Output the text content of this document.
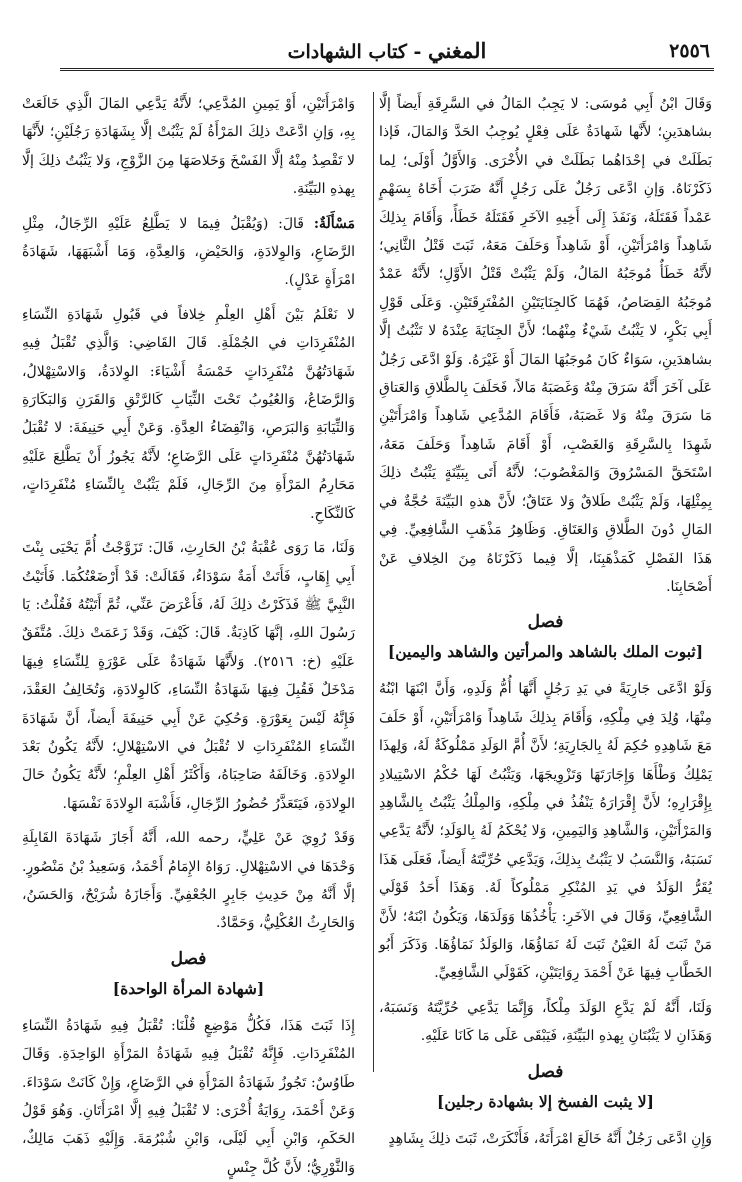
٢٥٥٦
المغني - كتاب الشهادات

وَقَالَ ابْنُ أَبِي مُوسَى: لا يَجِبُ المَالُ في السَّرِقَةِ أَيضاً إلَّا بشاهدَينِ؛ لأَنَّها شَهادَةٌ عَلَى فِعْلٍ يُوجِبُ الحَدَّ وَالمَالَ، فَإذا بَطَلَتْ في إحْدَاهُما بَطَلَتْ في الأُخْرَى. وَالأَوَّلُ أَوْلَى؛ لِما ذَكَرْنَاهُ. وَإنِ ادَّعَى رَجُلٌ عَلَى رَجُلٍ أَنَّهُ ضَرَبَ أَخَاهُ بِسَهْمٍ عَمْداً فَقَتَلَهُ، وَنَفَذَ إِلَى أَخِيهِ الآخَرِ فَقَتَلَهُ خَطَأً، وَأَقَامَ بِذلِكَ شَاهِداً وَامْرَأَتَيْنِ، أَوْ شَاهِداً وَحَلَفَ مَعَهُ، ثَبَتَ قَتْلُ الثَّانِي؛ لأَنَّهُ خَطَأٌ مُوجَبُهُ المَالُ، وَلَمْ يَثْبُتْ قَتْلُ الأَوَّلِ؛ لأَنَّهُ عَمْدٌ مُوجَبُهُ القِصَاصُ، فَهُمَا كَالجِنَايَتَيْنِ المُفْتَرِقَتَيْنِ. وَعَلَى قَوْلِ أَبِي بَكْرٍ، لا يَثْبُتُ شَيْءٌ مِنْهُما؛ لأَنَّ الجِنَايَةَ عِنْدَهُ لا تَثْبُتُ إلَّا بشاهدَينِ، سَوَاءٌ كَانَ مُوجَبُهَا المَالَ أَوْ غَيْرَهُ. وَلَوْ ادَّعَى رَجُلٌ عَلَى آخَرَ أَنَّهُ سَرَقَ مِنْهُ وَغَصَبَهُ مَالاً، فَحَلَفَ بِالطَّلاقِ وَالعَتاقِ مَا سَرَقَ مِنْهُ وَلا غَصَبَهُ، فَأَقَامَ المُدَّعِي شَاهِداً وَامْرَأَتَيْنِ شَهِدَا بِالسَّرِقَةِ وَالغَصْبِ، أَوْ أَقَامَ شَاهِداً وَحَلَفَ مَعَهُ، اسْتَحَقَّ المَسْرُوقَ وَالمَغْصُوبَ؛ لأَنَّهُ أَتَى بِبَيِّنَةٍ يَثْبُتُ ذلِكَ بِمِثْلِهَا، وَلَمْ يَثْبُتْ طَلاقٌ وَلا عَتَاقٌ؛ لأَنَّ هذهِ البَيِّنَةَ حُجَّةٌ في المَالِ دُونَ الطَّلاقِ وَالعَتَاقِ. وَظَاهِرُ مَذْهَبِ الشَّافِعِيِّ. فِي هَذَا الفَصْلِ كَمَذْهَبِنَا، إلَّا فِيما ذَكَرْنَاهُ مِنَ الخِلافِ عَنْ أَصْحَابِنَا.

فصل
[ثبوت الملك بالشاهد والمرأتين والشاهد واليمين]

وَلَوْ ادَّعَى جَارِيَةً في يَدِ رَجُلٍ أَنَّهَا أُمُّ وَلَدِهِ، وَأَنَّ ابْنَهَا ابْنُهُ مِنْهَا، وُلِدَ فِي مِلْكِهِ، وَأَقَامَ بِذلِكَ شَاهِداً وَامْرَأَتَيْنِ، أَوْ حَلَفَ مَعَ شَاهِدِهِ حُكِمَ لَهُ بِالجَارِيَةِ؛ لأَنَّ أُمَّ الوَلَدِ مَمْلُوكَةٌ لَهُ، وَلِهذَا يَمْلِكُ وَطْأَهَا وَإِجَارَتَهَا وَتَزْوِيجَهَا، وَيَثْبُتُ لَهَا حُكْمُ الاسْتِيلادِ بِإِقْرَارِهِ؛ لأَنَّ إِقْرَارَهُ يَنْفُذُ في مِلْكِهِ، وَالمِلْكُ يَثْبُتُ بِالشَّاهِدِ وَالمَرْأَتَيْنِ، وَالشَّاهِدِ وَاليَمِينِ، وَلا يُحْكَمُ لَهُ بِالوَلَدِ؛ لأَنَّهُ يَدَّعِي نَسَبَهُ، وَالنَّسَبُ لا يَثْبُتُ بِذلِكَ، وَيَدَّعِي حُرِّيَّتَهُ أَيضاً، فَعَلَى هَذَا يُقَرُّ الوَلَدُ في يَدِ المُنْكِرِ مَمْلُوكاً لَهُ. وَهَذَا أَحَدُ قَوْلَي الشَّافِعِيِّ، وَقَالَ في الآخَرِ: يَأْخُذُهَا وَوَلَدَهَا، وَيَكُونُ ابْنَهُ؛ لأَنَّ مَنْ ثَبَتَ لَهُ العَيْنُ ثَبَتَ لَهُ نَمَاؤُهَا، وَالوَلَدُ نَمَاؤُهَا. وَذَكَرَ أَبُو الخَطَّابِ فِيهَا عَنْ أَحْمَدَ رِوَايَتَيْنِ، كَقَوْلَي الشَّافِعِيِّ.

وَلَنَا، أَنَّهُ لَمْ يَدَّعِ الوَلَدَ مِلْكاً، وَإِنَّمَا يَدَّعِي حُرِّيَّتَهُ وَنَسَبَهُ، وَهَذَانِ لا يَثْبُتَانِ بِهذهِ البَيِّنَةِ، فَيَبْقَى عَلَى مَا كَانَا عَلَيْهِ.

فصل
[لا يثبت الفسخ إلا بشهادة رجلين]

وَإِنِ ادَّعَى رَجُلٌ أَنَّهُ خَالَعَ امْرَأَتَهُ، فَأَنْكَرَتْ، ثَبَتَ ذلِكَ بِشَاهِدٍ

وَامْرَأَتَيْنِ، أَوْ يَمِينِ المُدَّعِي؛ لأَنَّهُ يَدَّعِي المَالَ الَّذِي خَالَعَتْ بِهِ، وَإنِ ادَّعَتْ ذلِكَ المَرْأَةُ لَمْ يَثْبُتْ إلَّا بِشَهَادَةِ رَجُلَيْنِ؛ لأَنَّهَا لا تَقْصِدُ مِنْهُ إلَّا الفَسْخَ وَخَلاصَهَا مِنَ الزَّوْجِ، وَلا يَثْبُتُ ذلِكَ إلَّا بِهذهِ البَيِّنَةِ.

مَسْأَلَةٌ: قَالَ: (وَيُقْبَلُ فِيمَا لا يَطَّلِعُ عَلَيْهِ الرِّجَالُ، مِثْلِ الرَّضَاعِ، وَالوِلادَةِ، وَالحَيْضِ، وَالعِدَّةِ، وَمَا أَشْبَهَهَا، شَهَادَةُ امْرَأَةٍ عَدْلٍ).

لا نَعْلَمُ بَيْنَ أَهْلِ العِلْمِ خِلافاً في قَبُولِ شَهَادَةِ النِّسَاءِ المُنْفَرِدَاتِ في الجُمْلَةِ. قَالَ القَاضِي: وَالَّذِي تُقْبَلُ فِيهِ شَهَادَتُهُنَّ مُنْفَرِدَاتٍ خَمْسَةُ أَشْيَاءَ: الوِلادَةُ، وَالاسْتِهْلالُ، وَالرَّضَاعُ، وَالعُيُوبُ تَحْتَ الثِّيَابِ كَالرَّتْقِ وَالقَرَنِ وَالبَكَارَةِ وَالثِّيَابَةِ وَالبَرَصِ، وَانْقِضَاءُ العِدَّةِ. وَعَنْ أَبِي حَنِيفَةَ: لا تُقْبَلُ شَهَادَتُهُنَّ مُنْفَرِدَاتٍ عَلَى الرَّضَاعِ؛ لأَنَّهُ يَجُوزُ أَنْ يَطَّلِعَ عَلَيْهِ مَحَارِمُ المَرْأَةِ مِنَ الرِّجَالِ، فَلَمْ يَثْبُتْ بِالنِّسَاءِ مُنْفَرِدَاتٍ، كَالنِّكَاحِ.

وَلَنَا، مَا رَوَى عُقْبَةُ بْنُ الحَارِثِ، قَالَ: تَزَوَّجْتُ أُمَّ يَحْيَى بِنْتَ أَبِي إِهَابٍ، فَأَتَتْ أَمَةٌ سَوْدَاءُ، فَقَالَتْ: قَدْ أَرْضَعْتُكُمَا. فَأَتَيْتُ النَّبِيَّ ﷺ فَذَكَرْتُ ذلِكَ لَهُ، فَأَعْرَضَ عَنِّي، ثُمَّ أَتَيْتُهُ فَقُلْتُ: يَا رَسُولَ اللهِ، إنَّهَا كَاذِبَةٌ. قَالَ: كَيْفَ، وَقَدْ زَعَمَتْ ذلِكَ. مُتَّفَقٌ عَلَيْهِ (خ: ٢٥١٦). وَلأَنَّهَا شَهَادَةٌ عَلَى عَوْرَةٍ لِلنِّسَاءِ فِيهَا مَدْخَلٌ فَقُبِلَ فِيهَا شَهَادَةُ النِّسَاءِ، كَالوِلادَةِ، وَتُخَالِفُ العَقْدَ، فَإِنَّهُ لَيْسَ بِعَوْرَةٍ. وَحُكِيَ عَنْ أَبِي حَنِيفَةَ أَيضاً، أَنَّ شَهَادَةَ النِّسَاءِ المُنْفَرِدَاتِ لا تُقْبَلُ في الاسْتِهْلالِ؛ لأَنَّهُ يَكُونُ بَعْدَ الوِلادَةِ. وَخَالَفَهُ صَاحِبَاهُ، وَأَكْثَرُ أَهْلِ العِلْمِ؛ لأَنَّهُ يَكُونُ حَالَ الوِلادَةِ، فَيَتَعَذَّرُ حُضُورُ الرِّجَالِ، فَأَشْبَهَ الوِلادَةَ نَفْسَهَا.

وَقَدْ رُوِيَ عَنْ عَلِيٍّ، رحمه الله، أَنَّهُ أَجَازَ شَهَادَةَ القَابِلَةِ وَحْدَهَا في الاسْتِهْلالِ. رَوَاهُ الإِمَامُ أَحْمَدُ، وَسَعِيدُ بْنُ مَنْصُورٍ. إلَّا أَنَّهُ مِنْ حَدِيثِ جَابِرٍ الجُعْفِيِّ. وَأَجَازَهُ شُرَيْحٌ، وَالحَسَنُ، وَالحَارِثُ العُكْلِيُّ، وَحَمَّادٌ.

فصل
[شهادة المرأة الواحدة]

إِذَا ثَبَتَ هَذَا، فَكُلُّ مَوْضِعٍ قُلْنَا: تُقْبَلُ فِيهِ شَهَادَةُ النِّسَاءِ المُنْفَرِدَاتِ. فَإِنَّهُ تُقْبَلُ فِيهِ شَهَادَةُ المَرْأَةِ الوَاحِدَةِ. وَقَالَ طَاوُسٌ: تَجُوزُ شَهَادَةُ المَرْأَةِ في الرَّضَاعِ، وَإِنْ كَانَتْ سَوْدَاءَ. وَعَنْ أَحْمَدَ، رِوَايَةٌ أُخْرَى: لا تُقْبَلُ فِيهِ إلَّا امْرَأَتَانِ. وَهُوَ قَوْلُ الحَكَمِ، وَابْنِ أَبِي لَيْلَى، وَابْنِ شُبْرُمَةَ. وَإِلَيْهِ ذَهَبَ مَالِكٌ، وَالثَّوْرِيُّ؛ لأَنَّ كُلَّ جِنْسٍ
